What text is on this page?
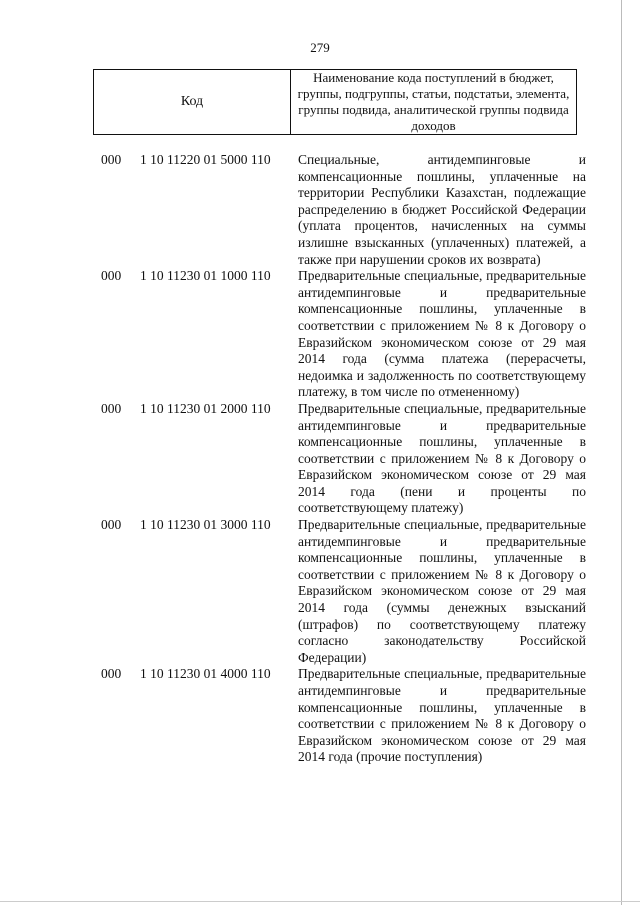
279
Код
Наименование кода поступлений в бюджет, группы, подгруппы, статьи, подстатьи, элемента, группы подвида, аналитической группы подвида доходов
000 1 10 11220 01 5000 110 Специальные, антидемпинговые и компенсационные пошлины, уплаченные на территории Республики Казахстан, подлежащие распределению в бюджет Российской Федерации (уплата процентов, начисленных на суммы излишне взысканных (уплаченных) платежей, а также при нарушении сроков их возврата)
000 1 10 11230 01 1000 110 Предварительные специальные, предварительные антидемпинговые и предварительные компенсационные пошлины, уплаченные в соответствии с приложением № 8 к Договору о Евразийском экономическом союзе от 29 мая 2014 года (сумма платежа (перерасчеты, недоимка и задолженность по соответствующему платежу, в том числе по отмененному)
000 1 10 11230 01 2000 110 Предварительные специальные, предварительные антидемпинговые и предварительные компенсационные пошлины, уплаченные в соответствии с приложением № 8 к Договору о Евразийском экономическом союзе от 29 мая 2014 года (пени и проценты по соответствующему платежу)
000 1 10 11230 01 3000 110 Предварительные специальные, предварительные антидемпинговые и предварительные компенсационные пошлины, уплаченные в соответствии с приложением № 8 к Договору о Евразийском экономическом союзе от 29 мая 2014 года (суммы денежных взысканий (штрафов) по соответствующему платежу согласно законодательству Российской Федерации)
000 1 10 11230 01 4000 110 Предварительные специальные, предварительные антидемпинговые и предварительные компенсационные пошлины, уплаченные в соответствии с приложением № 8 к Договору о Евразийском экономическом союзе от 29 мая 2014 года (прочие поступления)
